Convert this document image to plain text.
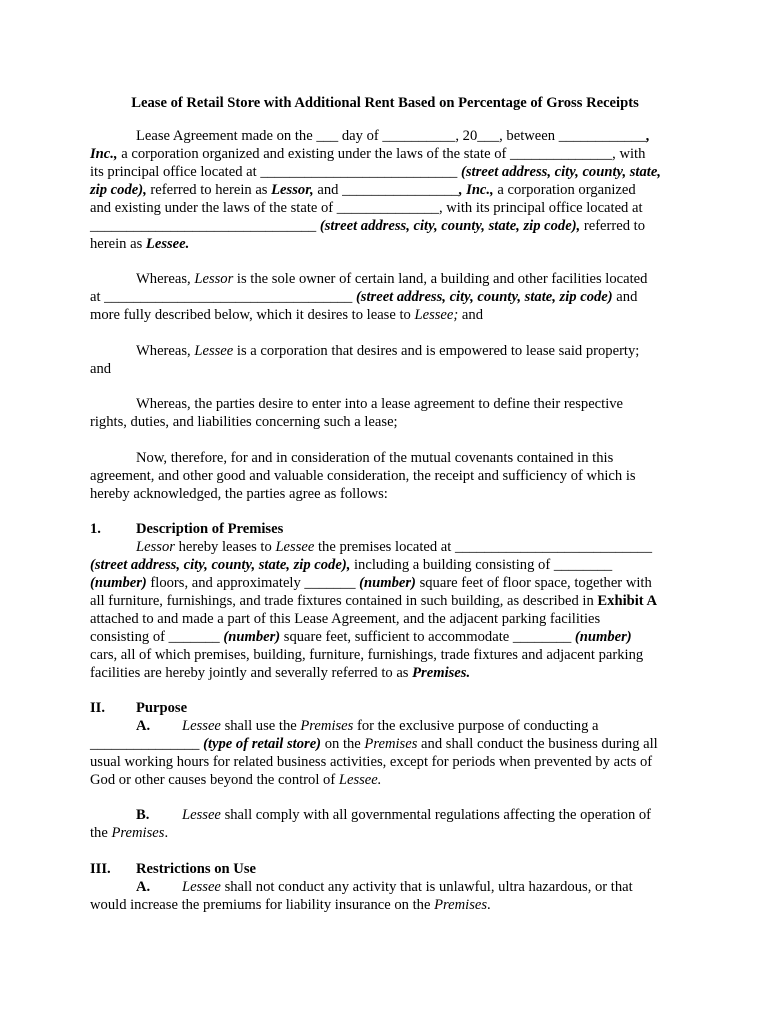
Lease of Retail Store with Additional Rent Based on Percentage of Gross Receipts
Lease Agreement made on the ___ day of __________, 20___, between ____________,
Inc., a corporation organized and existing under the laws of the state of ______________, with
its principal office located at ___________________________ (street address, city, county, state,
zip code), referred to herein as Lessor, and ________________, Inc., a corporation organized
and existing under the laws of the state of ______________, with its principal office located at
_______________________________ (street address, city, county, state, zip code), referred to
herein as Lessee.
Whereas, Lessor is the sole owner of certain land, a building and other facilities located
at __________________________________ (street address, city, county, state, zip code) and
more fully described below, which it desires to lease to Lessee; and
Whereas, Lessee is a corporation that desires and is empowered to lease said property;
and
Whereas, the parties desire to enter into a lease agreement to define their respective
rights, duties, and liabilities concerning such a lease;
Now, therefore, for and in consideration of the mutual covenants contained in this
agreement, and other good and valuable consideration, the receipt and sufficiency of which is
hereby acknowledged, the parties agree as follows:
1. Description of Premises
Lessor hereby leases to Lessee the premises located at ___________________________
(street address, city, county, state, zip code), including a building consisting of ________
(number) floors, and approximately _______ (number) square feet of floor space, together with
all furniture, furnishings, and trade fixtures contained in such building, as described in Exhibit A
attached to and made a part of this Lease Agreement, and the adjacent parking facilities
consisting of _______ (number) square feet, sufficient to accommodate ________ (number)
cars, all of which premises, building, furniture, furnishings, trade fixtures and adjacent parking
facilities are hereby jointly and severally referred to as Premises.
II. Purpose
A. Lessee shall use the Premises for the exclusive purpose of conducting a
_______________ (type of retail store) on the Premises and shall conduct the business during all
usual working hours for related business activities, except for periods when prevented by acts of
God or other causes beyond the control of Lessee.
B. Lessee shall comply with all governmental regulations affecting the operation of
the Premises.
III. Restrictions on Use
A. Lessee shall not conduct any activity that is unlawful, ultra hazardous, or that
would increase the premiums for liability insurance on the Premises.
